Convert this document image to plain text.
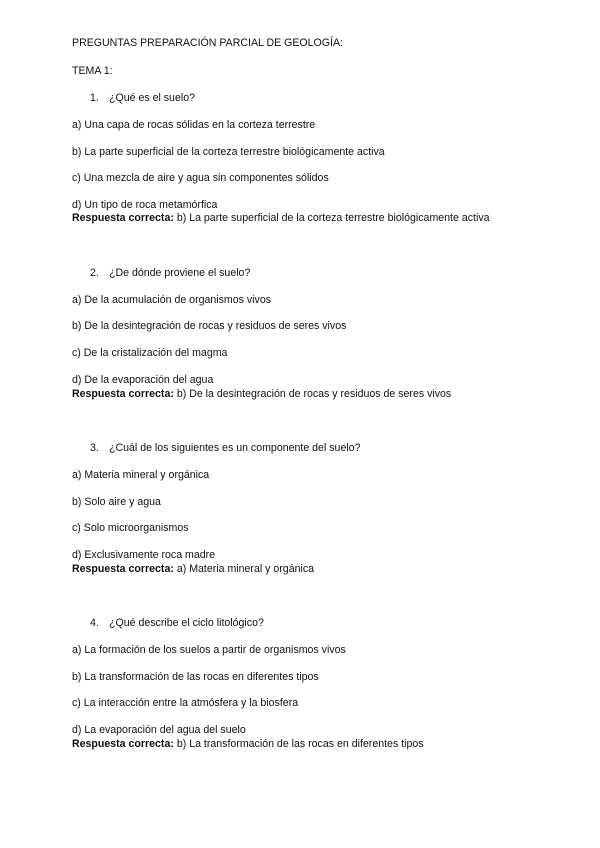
PREGUNTAS PREPARACIÓN PARCIAL DE GEOLOGÍA:
TEMA 1:
1. ¿Qué es el suelo?
a) Una capa de rocas sólidas en la corteza terrestre
b) La parte superficial de la corteza terrestre biológicamente activa
c) Una mezcla de aire y agua sin componentes sólidos
d) Un tipo de roca metamórfica
Respuesta correcta: b) La parte superficial de la corteza terrestre biológicamente activa
2. ¿De dónde proviene el suelo?
a) De la acumulación de organismos vivos
b) De la desintegración de rocas y residuos de seres vivos
c) De la cristalización del magma
d) De la evaporación del agua
Respuesta correcta: b) De la desintegración de rocas y residuos de seres vivos
3. ¿Cuál de los siguientes es un componente del suelo?
a) Materia mineral y orgánica
b) Solo aire y agua
c) Solo microorganismos
d) Exclusivamente roca madre
Respuesta correcta: a) Materia mineral y orgánica
4. ¿Qué describe el ciclo litológico?
a) La formación de los suelos a partir de organismos vivos
b) La transformación de las rocas en diferentes tipos
c) La interacción entre la atmósfera y la biosfera
d) La evaporación del agua del suelo
Respuesta correcta: b) La transformación de las rocas en diferentes tipos
